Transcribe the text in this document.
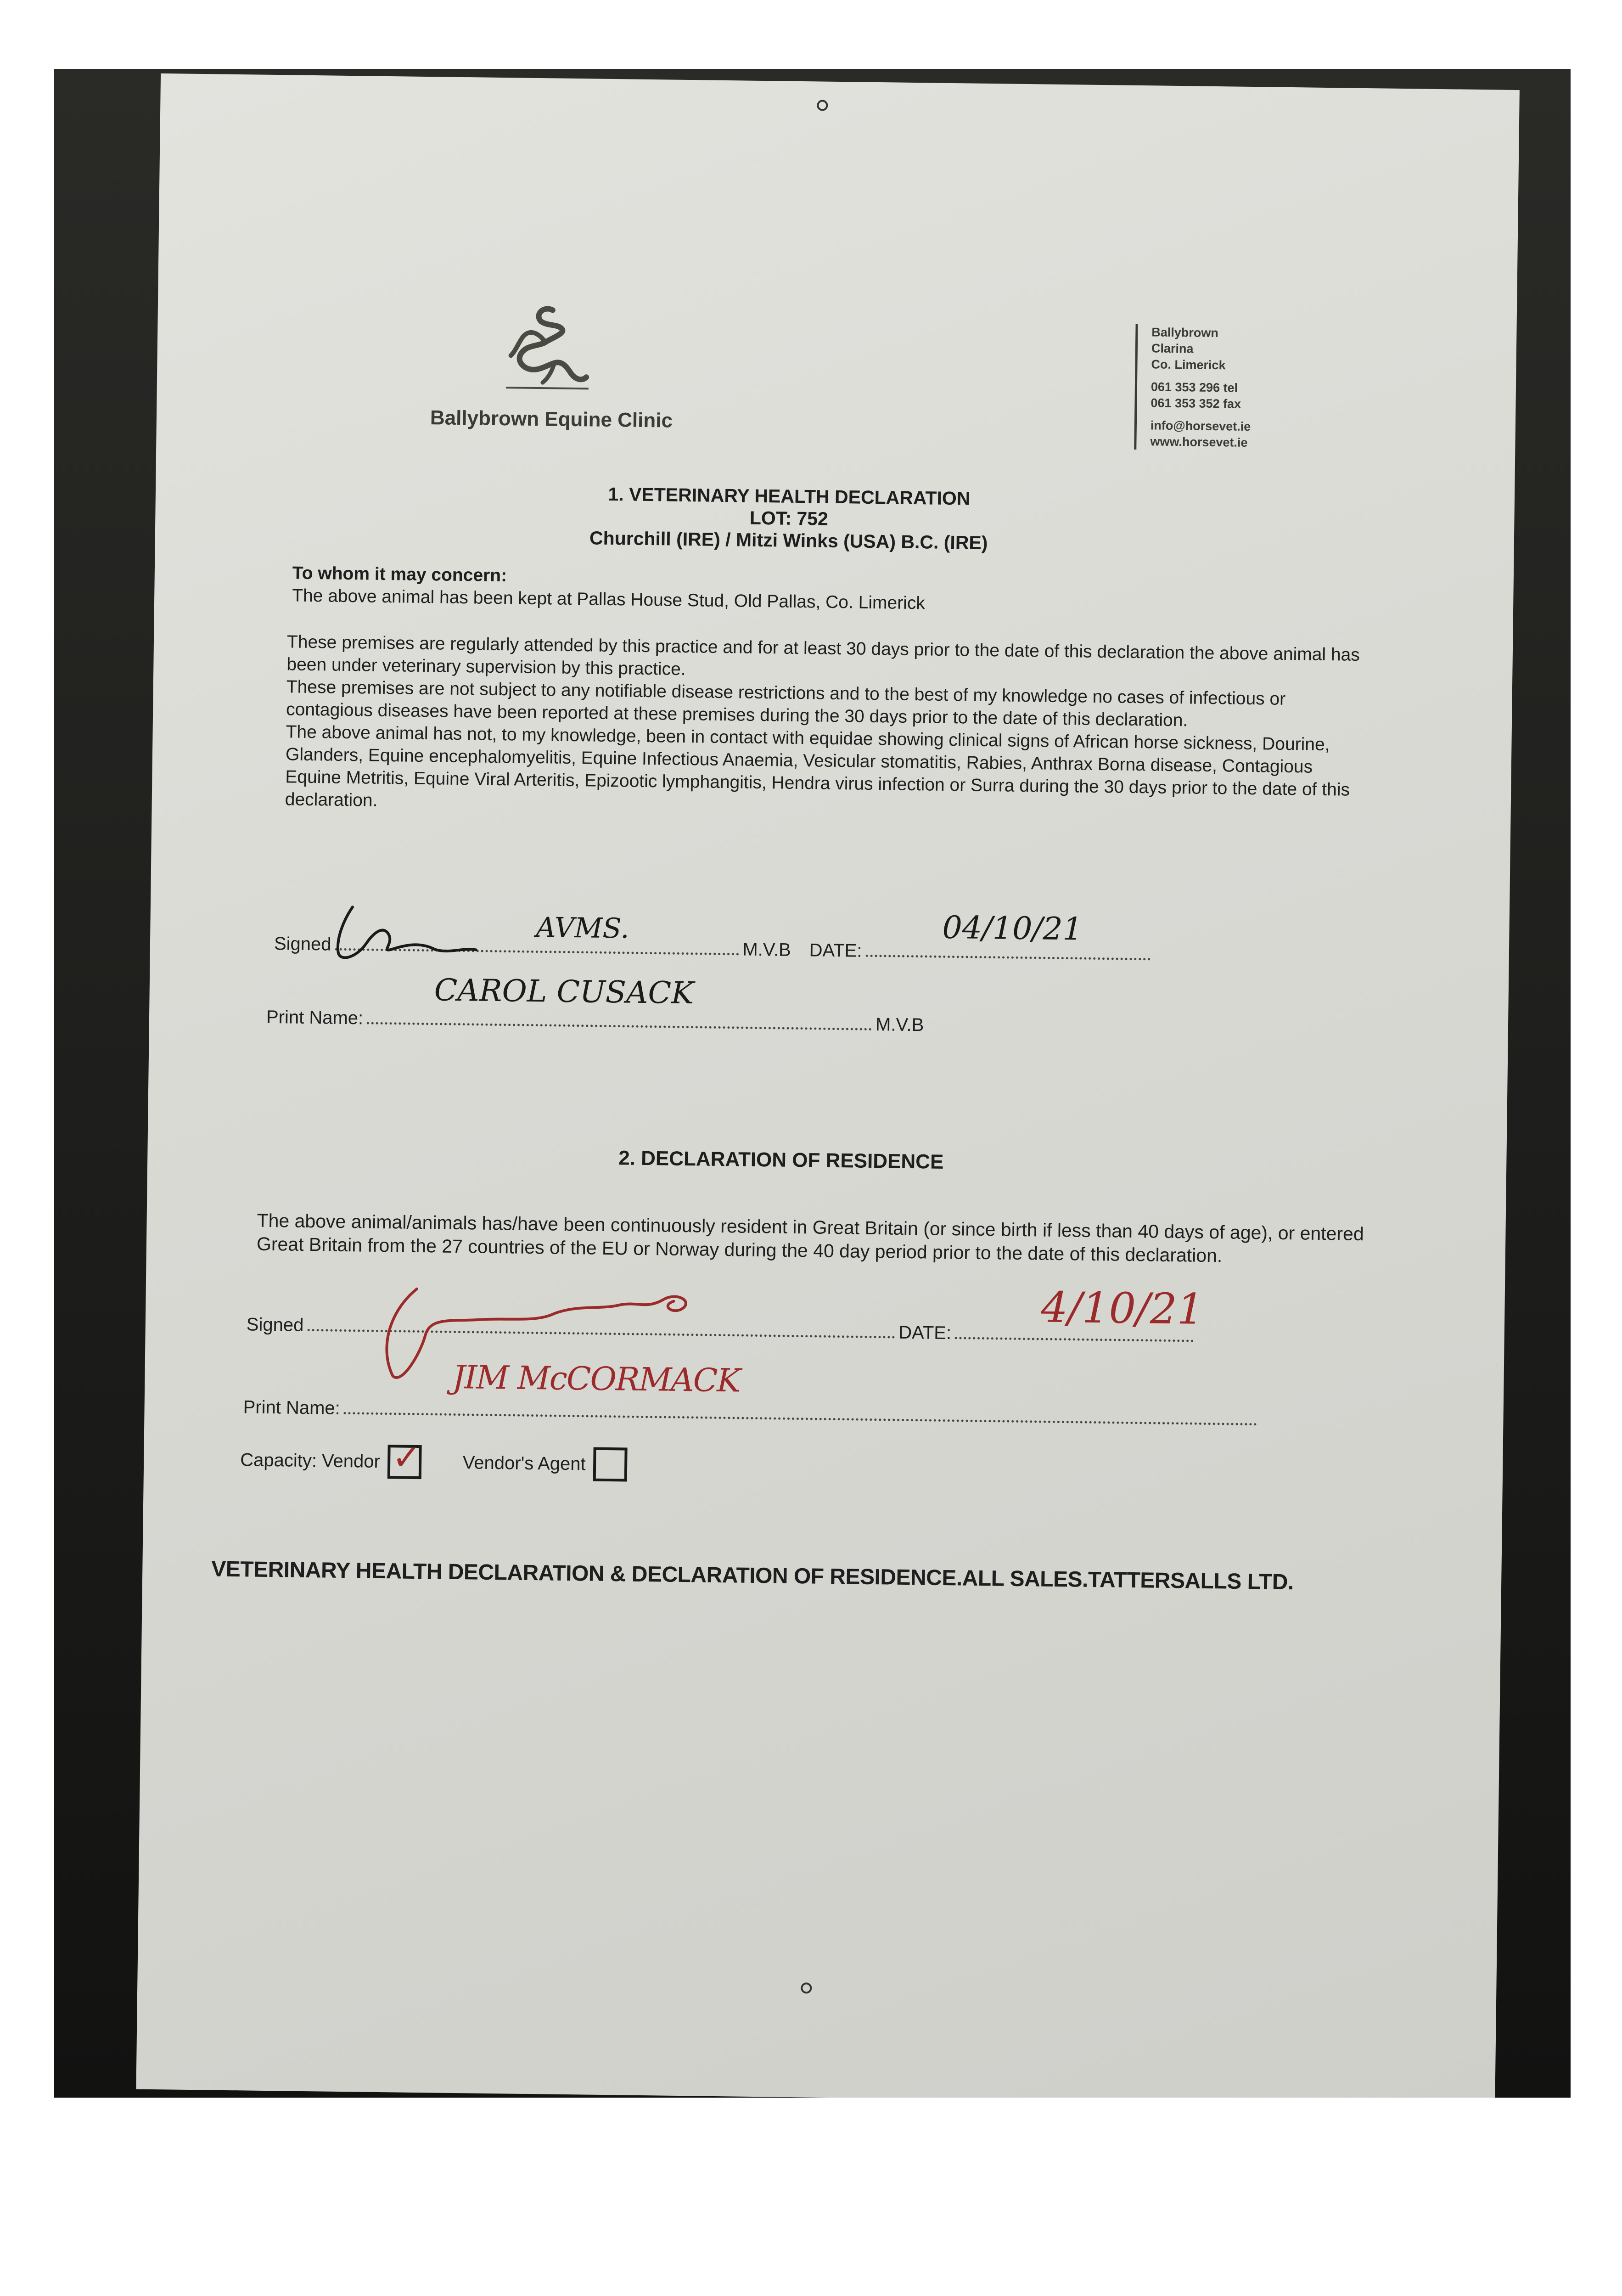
Ballybrown Equine Clinic
Ballybrown
Clarina
Co. Limerick
061 353 296 tel
061 353 352 fax
info@horsevet.ie
www.horsevet.ie
1. VETERINARY HEALTH DECLARATION
LOT: 752
Churchill (IRE) / Mitzi Winks (USA) B.C. (IRE)
To whom it may concern:
The above animal has been kept at Pallas House Stud, Old Pallas, Co. Limerick
These premises are regularly attended by this practice and for at least 30 days prior to the date of this declaration the above animal has been under veterinary supervision by this practice.
These premises are not subject to any notifiable disease restrictions and to the best of my knowledge no cases of infectious or contagious diseases have been reported at these premises during the 30 days prior to the date of this declaration.
The above animal has not, to my knowledge, been in contact with equidae showing clinical signs of African horse sickness, Dourine, Glanders, Equine encephalomyelitis, Equine Infectious Anaemia, Vesicular stomatitis, Rabies, Anthrax Borna disease, Contagious Equine Metritis, Equine Viral Arteritis, Epizootic lymphangitis, Hendra virus infection or Surra during the 30 days prior to the date of this declaration.
Signed	M.V.B DATE:
AVMS.	04/10/21
Print Name:	M.V.B
CAROL CUSACK
2. DECLARATION OF RESIDENCE
The above animal/animals has/have been continuously resident in Great Britain (or since birth if less than 40 days of age), or entered Great Britain from the 27 countries of the EU or Norway during the 40 day period prior to the date of this declaration.
Signed	DATE: 4/10/21
Print Name:
JIM McCORMACK
Capacity: Vendor ✓ Vendor's Agent
VETERINARY HEALTH DECLARATION & DECLARATION OF RESIDENCE.ALL SALES.TATTERSALLS LTD.
